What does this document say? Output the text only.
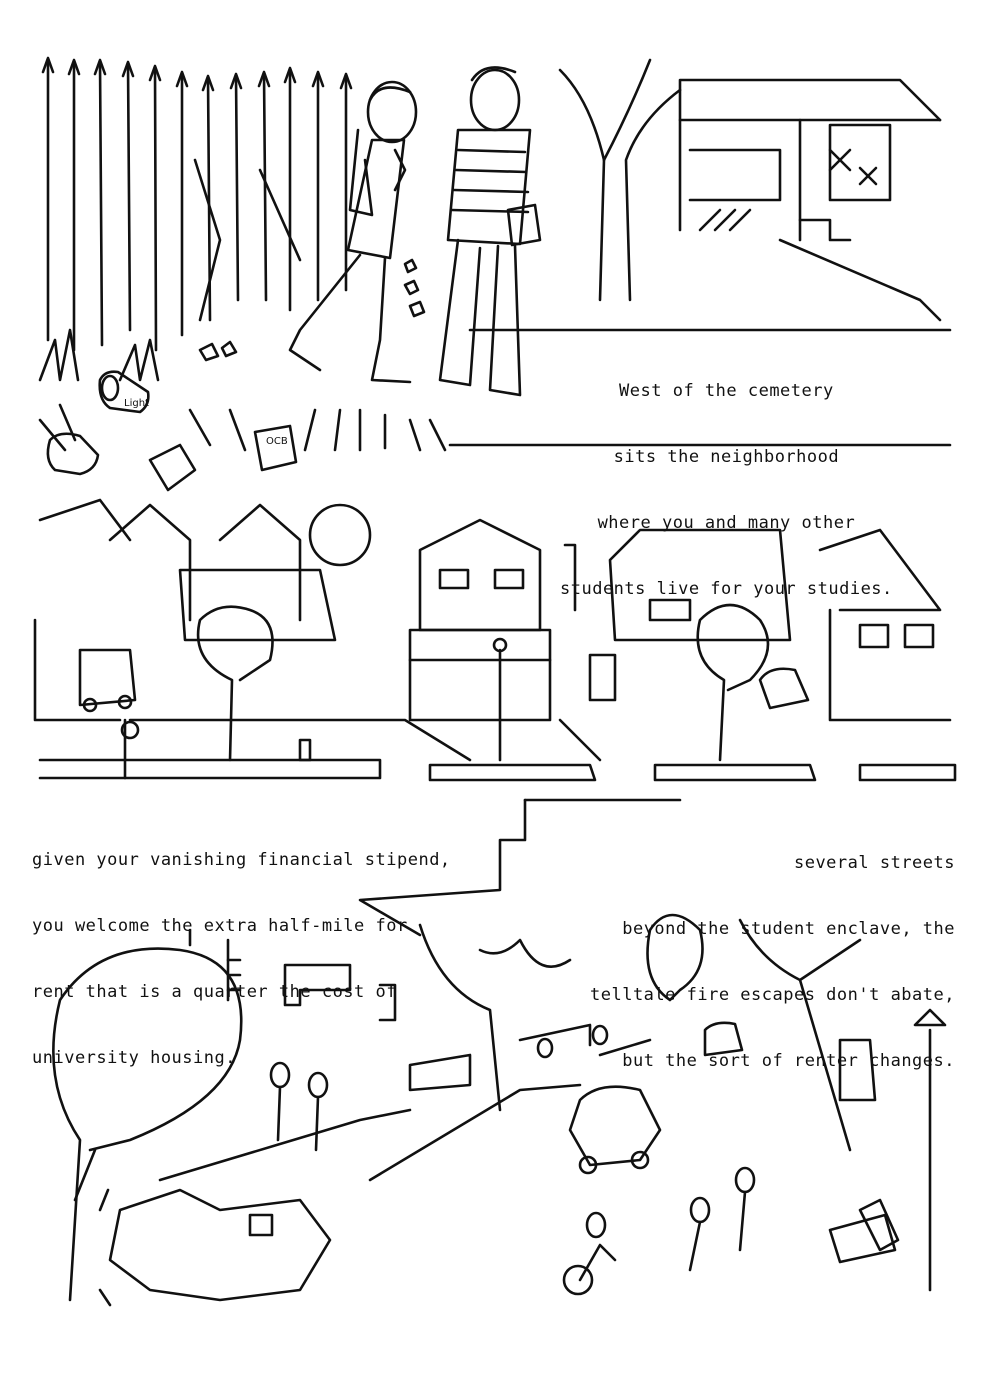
Light
OCB

West of the cemetery

sits the neighborhood

where you and many other

students live for your studies.

given your vanishing financial stipend,

you welcome the extra half-mile for

rent that is a quarter the cost of

university housing.

several streets

beyond the student enclave, the

telltale fire escapes don't abate,

but the sort of renter changes.
